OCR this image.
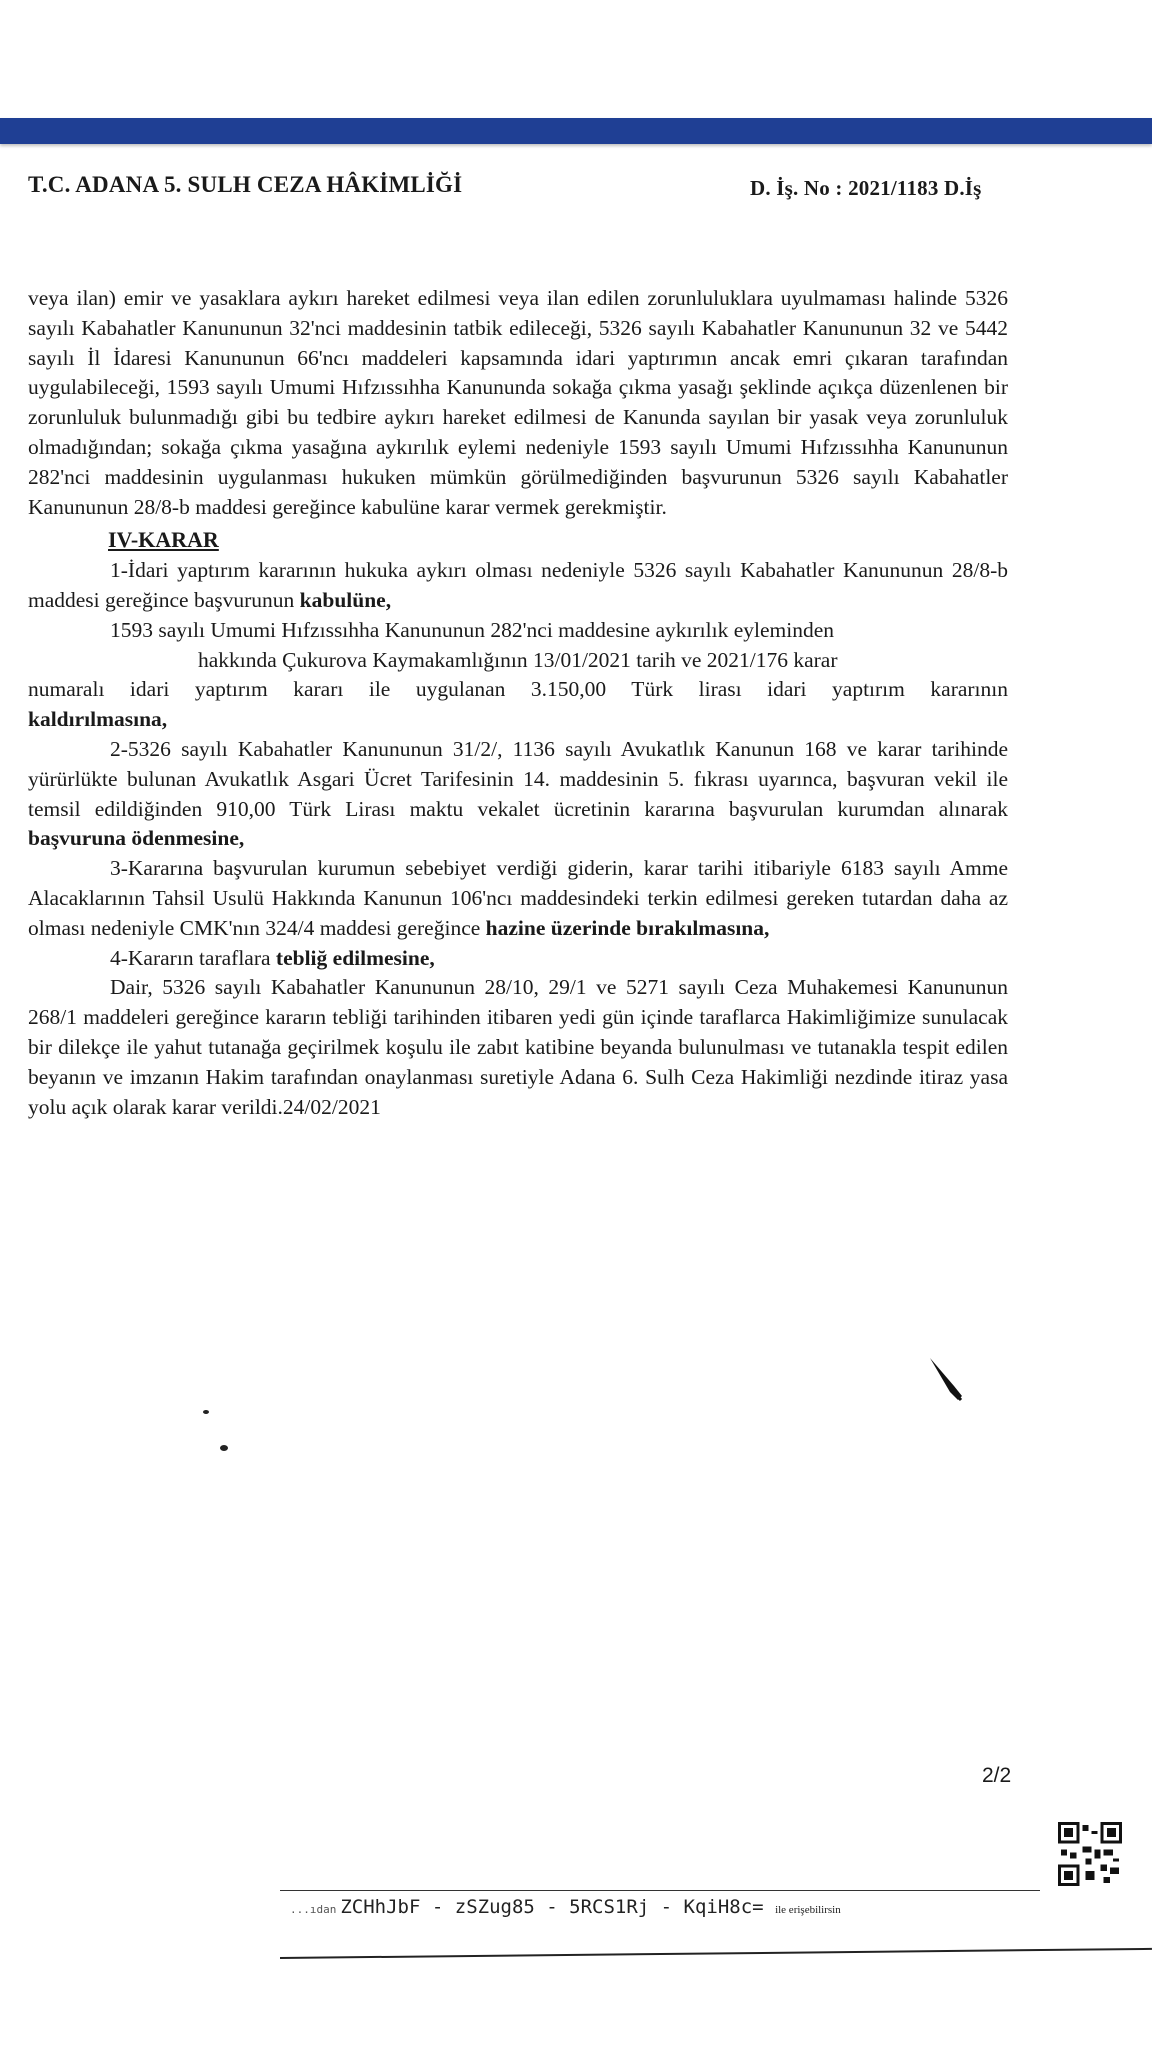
T.C. ADANA 5. SULH CEZA HÂKİMLİĞİ	D. İş. No : 2021/1183 D.İş

veya ilan) emir ve yasaklara aykırı hareket edilmesi veya ilan edilen zorunluluklara uyulmaması halinde 5326 sayılı Kabahatler Kanununun 32'nci maddesinin tatbik edileceği, 5326 sayılı Kabahatler Kanununun 32 ve 5442 sayılı İl İdaresi Kanununun 66'ncı maddeleri kapsamında idari yaptırımın ancak emri çıkaran tarafından uygulabileceği, 1593 sayılı Umumi Hıfzıssıhha Kanununda sokağa çıkma yasağı şeklinde açıkça düzenlenen bir zorunluluk bulunmadığı gibi bu tedbire aykırı hareket edilmesi de Kanunda sayılan bir yasak veya zorunluluk olmadığından; sokağa çıkma yasağına aykırılık eylemi nedeniyle 1593 sayılı Umumi Hıfzıssıhha Kanununun 282'nci maddesinin uygulanması hukuken mümkün görülmediğinden başvurunun 5326 sayılı Kabahatler Kanununun 28/8-b maddesi gereğince kabulüne karar vermek gerekmiştir.

IV-KARAR

1-İdari yaptırım kararının hukuka aykırı olması nedeniyle 5326 sayılı Kabahatler Kanununun 28/8-b maddesi gereğince başvurunun kabulüne,

1593 sayılı Umumi Hıfzıssıhha Kanununun 282'nci maddesine aykırılık eyleminden

hakkında Çukurova Kaymakamlığının 13/01/2021 tarih ve 2021/176 karar

numaralı idari yaptırım kararı ile uygulanan 3.150,00 Türk lirası idari yaptırım kararının

kaldırılmasına,

2-5326 sayılı Kabahatler Kanununun 31/2/, 1136 sayılı Avukatlık Kanunun 168 ve karar tarihinde yürürlükte bulunan Avukatlık Asgari Ücret Tarifesinin 14. maddesinin 5. fıkrası uyarınca, başvuran vekil ile temsil edildiğinden 910,00 Türk Lirası maktu vekalet ücretinin kararına başvurulan kurumdan alınarak başvuruna ödenmesine,

3-Kararına başvurulan kurumun sebebiyet verdiği giderin, karar tarihi itibariyle 6183 sayılı Amme Alacaklarının Tahsil Usulü Hakkında Kanunun 106'ncı maddesindeki terkin edilmesi gereken tutardan daha az olması nedeniyle CMK'nın 324/4 maddesi gereğince hazine üzerinde bırakılmasına,

4-Kararın taraflara tebliğ edilmesine,

Dair, 5326 sayılı Kabahatler Kanununun 28/10, 29/1 ve 5271 sayılı Ceza Muhakemesi Kanununun 268/1 maddeleri gereğince kararın tebliği tarihinden itibaren yedi gün içinde taraflarca Hakimliğimize sunulacak bir dilekçe ile yahut tutanağa geçirilmek koşulu ile zabıt katibine beyanda bulunulması ve tutanakla tespit edilen beyanın ve imzanın Hakim tarafından onaylanması suretiyle Adana 6. Sulh Ceza Hakimliği nezdinde itiraz yasa yolu açık olarak karar verildi.24/02/2021

2/2
...ıdan ZCHhJbF - zSZug85 - 5RCS1Rj - KqiH8c= ile erişebilirsin
